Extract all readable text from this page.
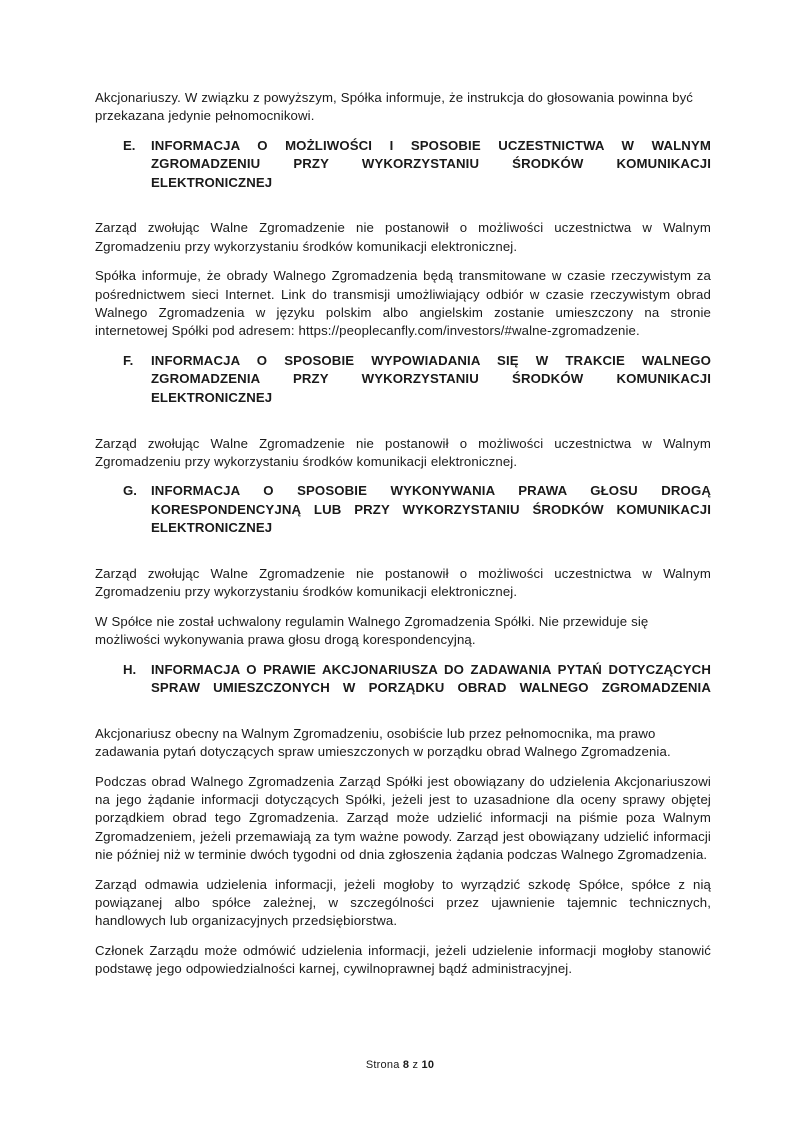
Akcjonariuszy. W związku z powyższym, Spółka informuje, że instrukcja do głosowania powinna być przekazana jedynie pełnomocnikowi.

E.	INFORMACJA O MOŻLIWOŚCI I SPOSOBIE UCZESTNICTWA W WALNYM ZGROMADZENIU PRZY WYKORZYSTANIU ŚRODKÓW KOMUNIKACJI ELEKTRONICZNEJ

Zarząd zwołując Walne Zgromadzenie nie postanowił o możliwości uczestnictwa w Walnym Zgromadzeniu przy wykorzystaniu środków komunikacji elektronicznej.

Spółka informuje, że obrady Walnego Zgromadzenia będą transmitowane w czasie rzeczywistym za pośrednictwem sieci Internet. Link do transmisji umożliwiający odbiór w czasie rzeczywistym obrad Walnego Zgromadzenia w języku polskim albo angielskim zostanie umieszczony na stronie internetowej Spółki pod adresem: https://peoplecanfly.com/investors/#walne-zgromadzenie.

F.	INFORMACJA O SPOSOBIE WYPOWIADANIA SIĘ W TRAKCIE WALNEGO ZGROMADZENIA PRZY WYKORZYSTANIU ŚRODKÓW KOMUNIKACJI ELEKTRONICZNEJ

Zarząd zwołując Walne Zgromadzenie nie postanowił o możliwości uczestnictwa w Walnym Zgromadzeniu przy wykorzystaniu środków komunikacji elektronicznej.

G.	INFORMACJA O SPOSOBIE WYKONYWANIA PRAWA GŁOSU DROGĄ KORESPONDENCYJNĄ LUB PRZY WYKORZYSTANIU ŚRODKÓW KOMUNIKACJI ELEKTRONICZNEJ

Zarząd zwołując Walne Zgromadzenie nie postanowił o możliwości uczestnictwa w Walnym Zgromadzeniu przy wykorzystaniu środków komunikacji elektronicznej.

W Spółce nie został uchwalony regulamin Walnego Zgromadzenia Spółki. Nie przewiduje się możliwości wykonywania prawa głosu drogą korespondencyjną.

H.	INFORMACJA O PRAWIE AKCJONARIUSZA DO ZADAWANIA PYTAŃ DOTYCZĄCYCH SPRAW UMIESZCZONYCH W PORZĄDKU OBRAD WALNEGO ZGROMADZENIA

Akcjonariusz obecny na Walnym Zgromadzeniu, osobiście lub przez pełnomocnika, ma prawo zadawania pytań dotyczących spraw umieszczonych w porządku obrad Walnego Zgromadzenia.

Podczas obrad Walnego Zgromadzenia Zarząd Spółki jest obowiązany do udzielenia Akcjonariuszowi na jego żądanie informacji dotyczących Spółki, jeżeli jest to uzasadnione dla oceny sprawy objętej porządkiem obrad tego Zgromadzenia. Zarząd może udzielić informacji na piśmie poza Walnym Zgromadzeniem, jeżeli przemawiają za tym ważne powody. Zarząd jest obowiązany udzielić informacji nie później niż w terminie dwóch tygodni od dnia zgłoszenia żądania podczas Walnego Zgromadzenia.

Zarząd odmawia udzielenia informacji, jeżeli mogłoby to wyrządzić szkodę Spółce, spółce z nią powiązanej albo spółce zależnej, w szczególności przez ujawnienie tajemnic technicznych, handlowych lub organizacyjnych przedsiębiorstwa.

Członek Zarządu może odmówić udzielenia informacji, jeżeli udzielenie informacji mogłoby stanowić podstawę jego odpowiedzialności karnej, cywilnoprawnej bądź administracyjnej.

Strona 8 z 10
